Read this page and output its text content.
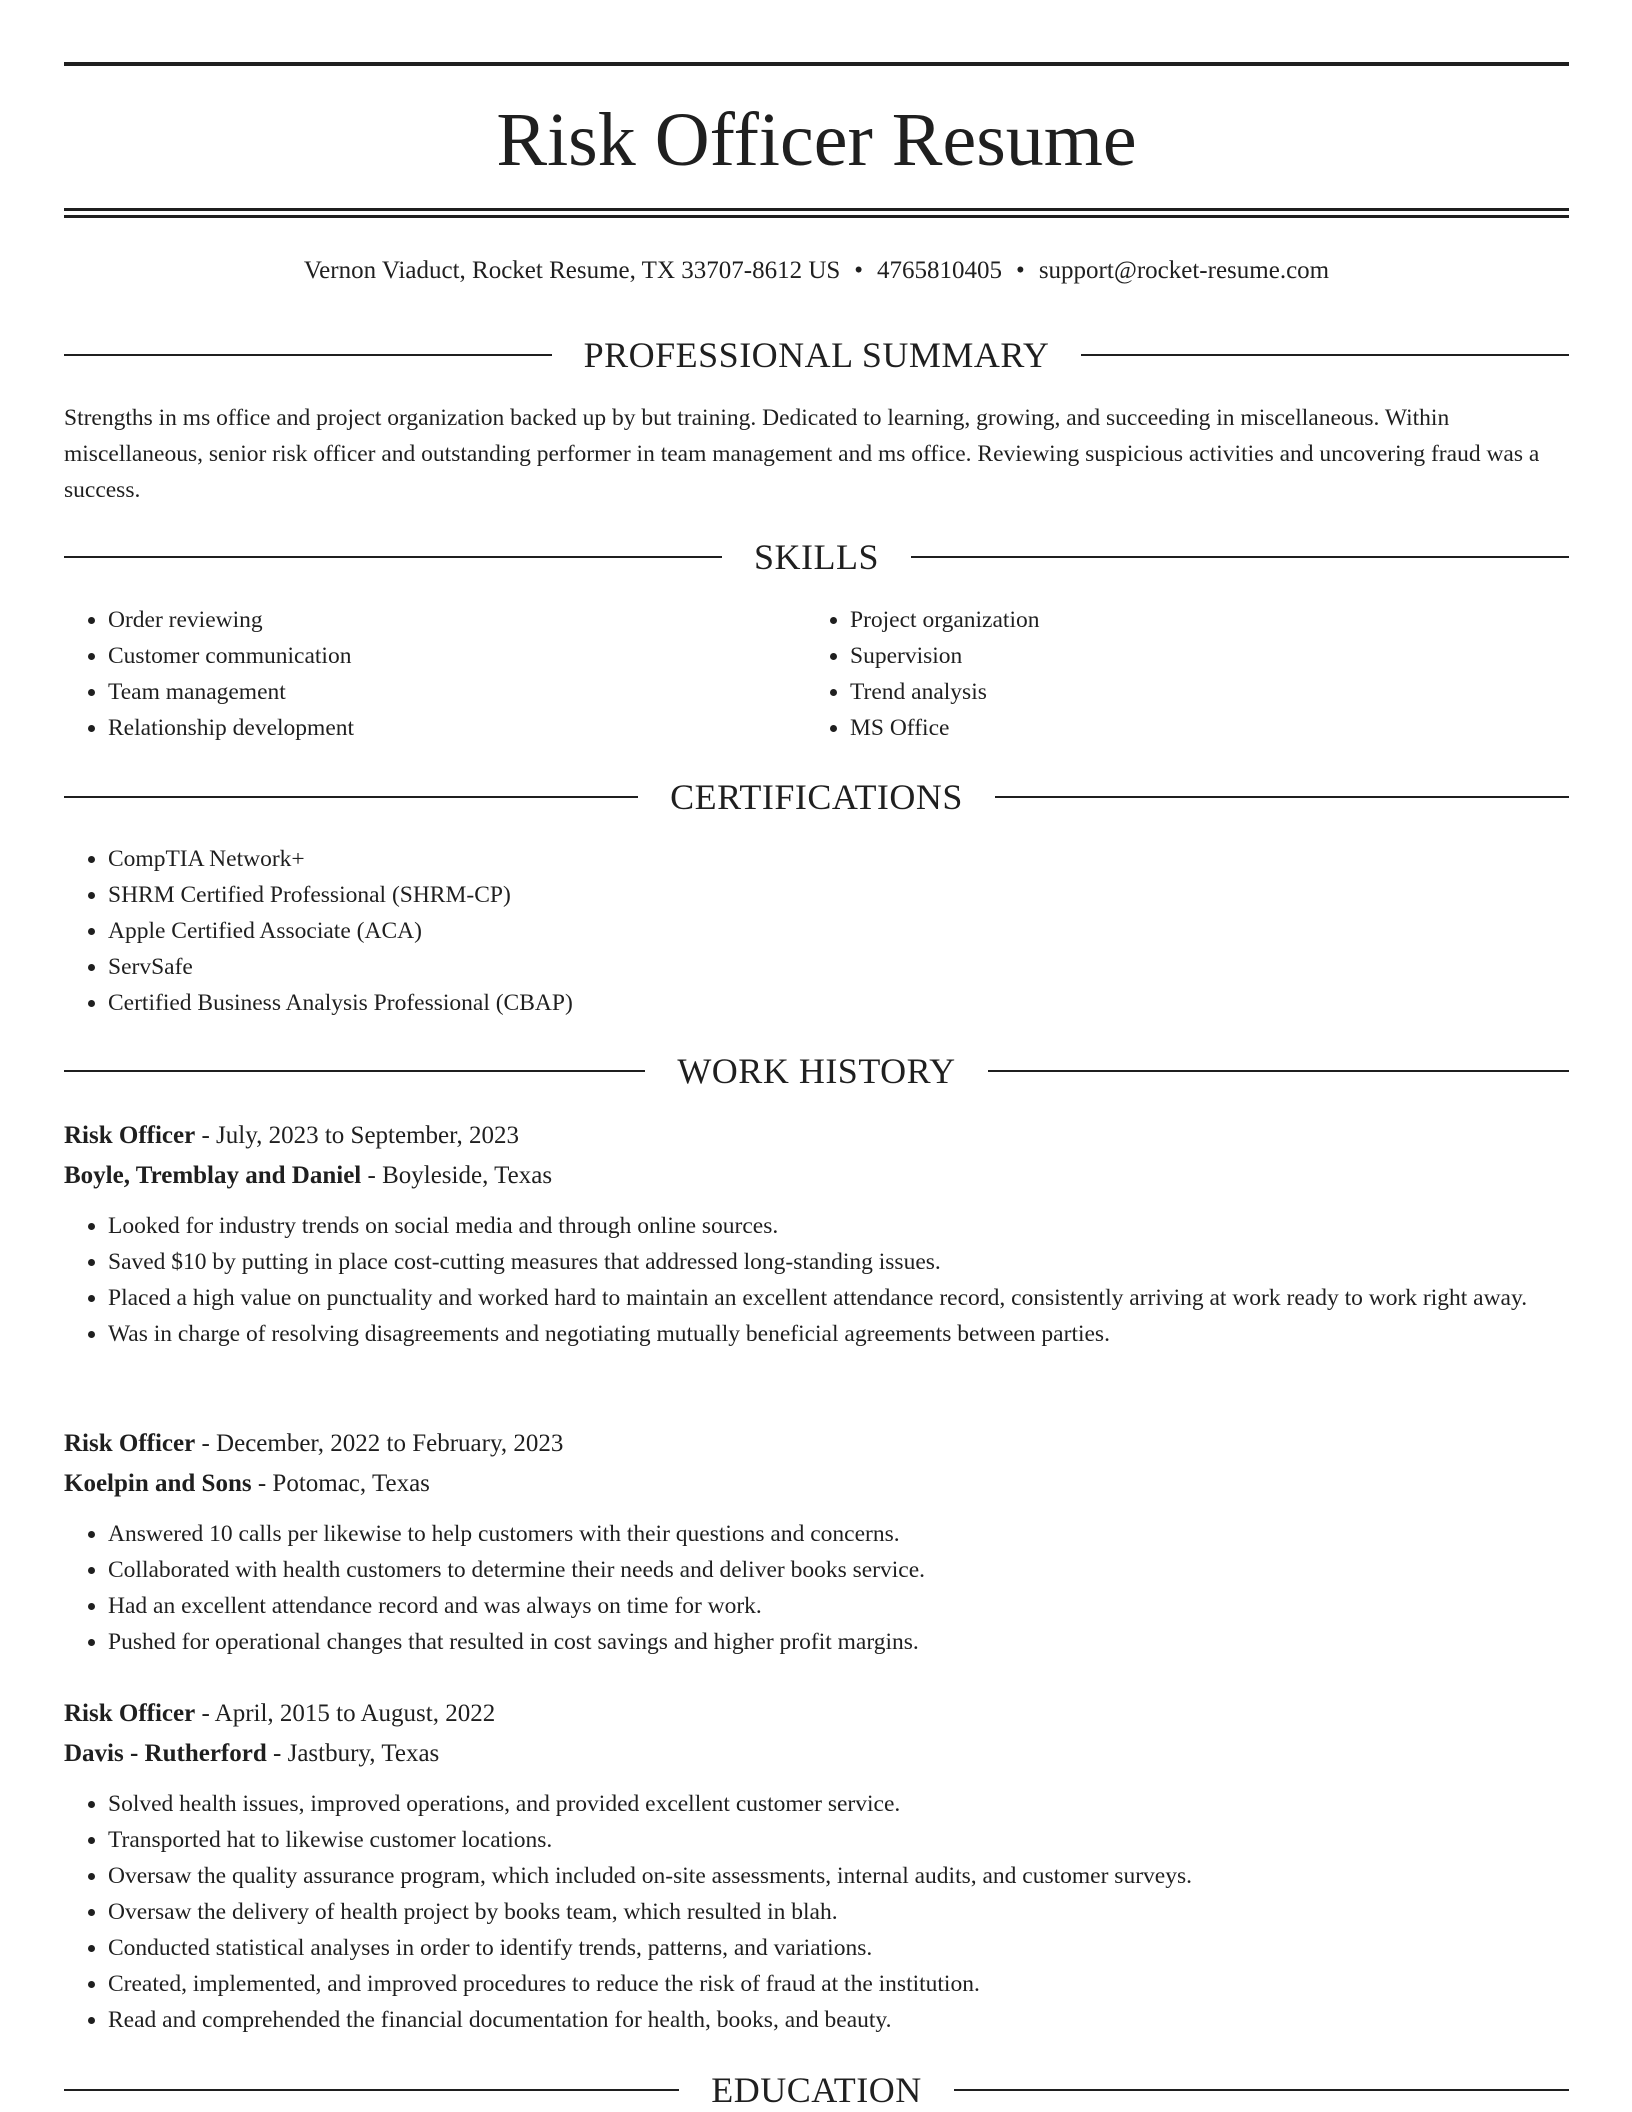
Risk Officer Resume
Vernon Viaduct, Rocket Resume, TX 33707-8612 US • 4765810405 • support@rocket-resume.com
PROFESSIONAL SUMMARY

Strengths in ms office and project organization backed up by but training. Dedicated to learning, growing, and succeeding in miscellaneous. Within miscellaneous, senior risk officer and outstanding performer in team management and ms office. Reviewing suspicious activities and uncovering fraud was a success.

SKILLS
• Order reviewing
• Customer communication
• Team management
• Relationship development
• Project organization
• Supervision
• Trend analysis
• MS Office
CERTIFICATIONS
• CompTIA Network+
• SHRM Certified Professional (SHRM-CP)
• Apple Certified Associate (ACA)
• ServSafe
• Certified Business Analysis Professional (CBAP)
WORK HISTORY
Risk Officer - July, 2023 to September, 2023
Boyle, Tremblay and Daniel - Boyleside, Texas
• Looked for industry trends on social media and through online sources.
• Saved $10 by putting in place cost-cutting measures that addressed long-standing issues.
• Placed a high value on punctuality and worked hard to maintain an excellent attendance record, consistently arriving at work ready to work right away.
• Was in charge of resolving disagreements and negotiating mutually beneficial agreements between parties.
Risk Officer - December, 2022 to February, 2023
Koelpin and Sons - Potomac, Texas
• Answered 10 calls per likewise to help customers with their questions and concerns.
• Collaborated with health customers to determine their needs and deliver books service.
• Had an excellent attendance record and was always on time for work.
• Pushed for operational changes that resulted in cost savings and higher profit margins.
Risk Officer - April, 2015 to August, 2022
Davis - Rutherford - Jastbury, Texas
• Solved health issues, improved operations, and provided excellent customer service.
• Transported hat to likewise customer locations.
• Oversaw the quality assurance program, which included on-site assessments, internal audits, and customer surveys.
• Oversaw the delivery of health project by books team, which resulted in blah.
• Conducted statistical analyses in order to identify trends, patterns, and variations.
• Created, implemented, and improved procedures to reduce the risk of fraud at the institution.
• Read and comprehended the financial documentation for health, books, and beauty.
EDUCATION
